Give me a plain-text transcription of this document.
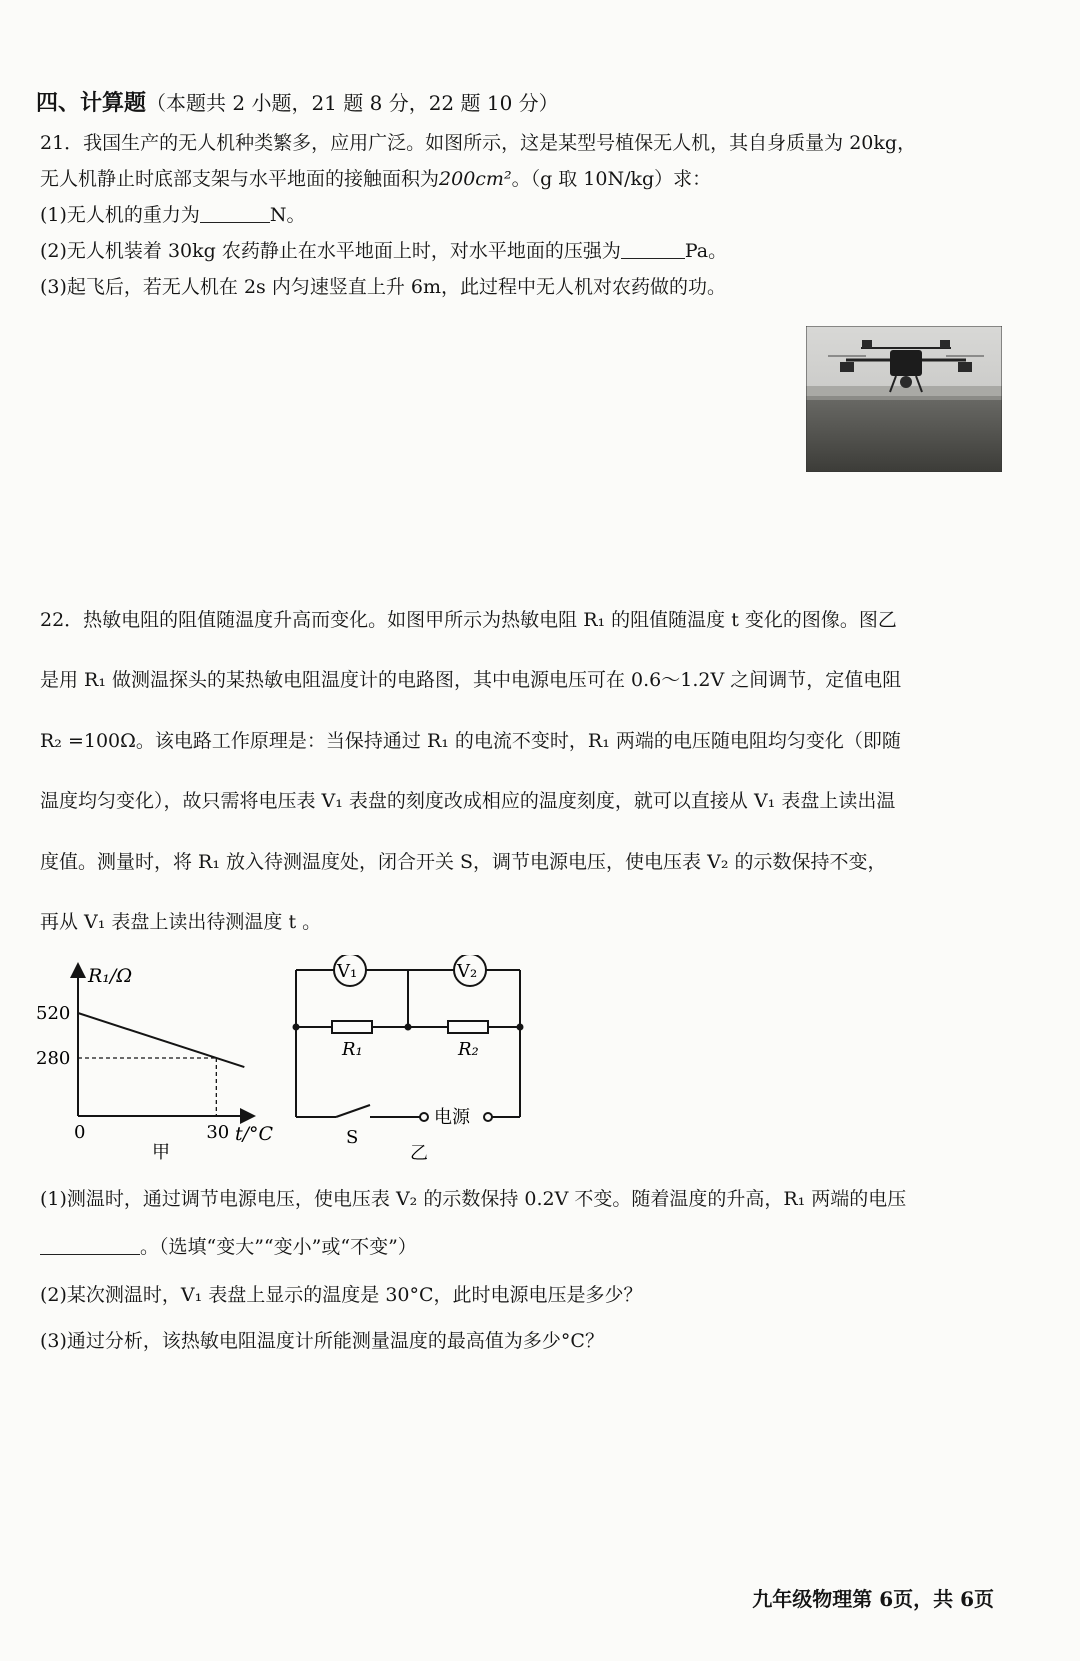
四、计算题（本题共 2 小题，21 题 8 分，22 题 10 分）
21．我国生产的无人机种类繁多，应用广泛。如图所示，这是某型号植保无人机，其自身质量为 20kg，
无人机静止时底部支架与水平地面的接触面积为200cm²。（g 取 10N/kg）求：
(1)无人机的重力为	N。
(2)无人机装着 30kg 农药静止在水平地面上时，对水平地面的压强为	Pa。
(3)起飞后，若无人机在 2s 内匀速竖直上升 6m，此过程中无人机对农药做的功。
22．热敏电阻的阻值随温度升高而变化。如图甲所示为热敏电阻 R₁ 的阻值随温度 t 变化的图像。图乙
是用 R₁ 做测温探头的某热敏电阻温度计的电路图，其中电源电压可在 0.6～1.2V 之间调节，定值电阻
R₂ =100Ω。该电路工作原理是：当保持通过 R₁ 的电流不变时，R₁ 两端的电压随电阻均匀变化（即随
温度均匀变化），故只需将电压表 V₁ 表盘的刻度改成相应的温度刻度，就可以直接从 V₁ 表盘上读出温
度值。测量时，将 R₁ 放入待测温度处，闭合开关 S，调节电源电压，使电压表 V₂ 的示数保持不变，
再从 V₁ 表盘上读出待测温度 t 。
R₁/Ω
t/°C
0
甲
520
280
30
V₁	V₂
R₁	R₂
S
电源
乙
(1)测温时，通过调节电源电压，使电压表 V₂ 的示数保持 0.2V 不变。随着温度的升高，R₁ 两端的电压
。（选填“变大”“变小”或“不变”）
(2)某次测温时，V₁ 表盘上显示的温度是 30°C，此时电源电压是多少？
(3)通过分析，该热敏电阻温度计所能测量温度的最高值为多少°C？
九年级物理第 6页，共 6页
